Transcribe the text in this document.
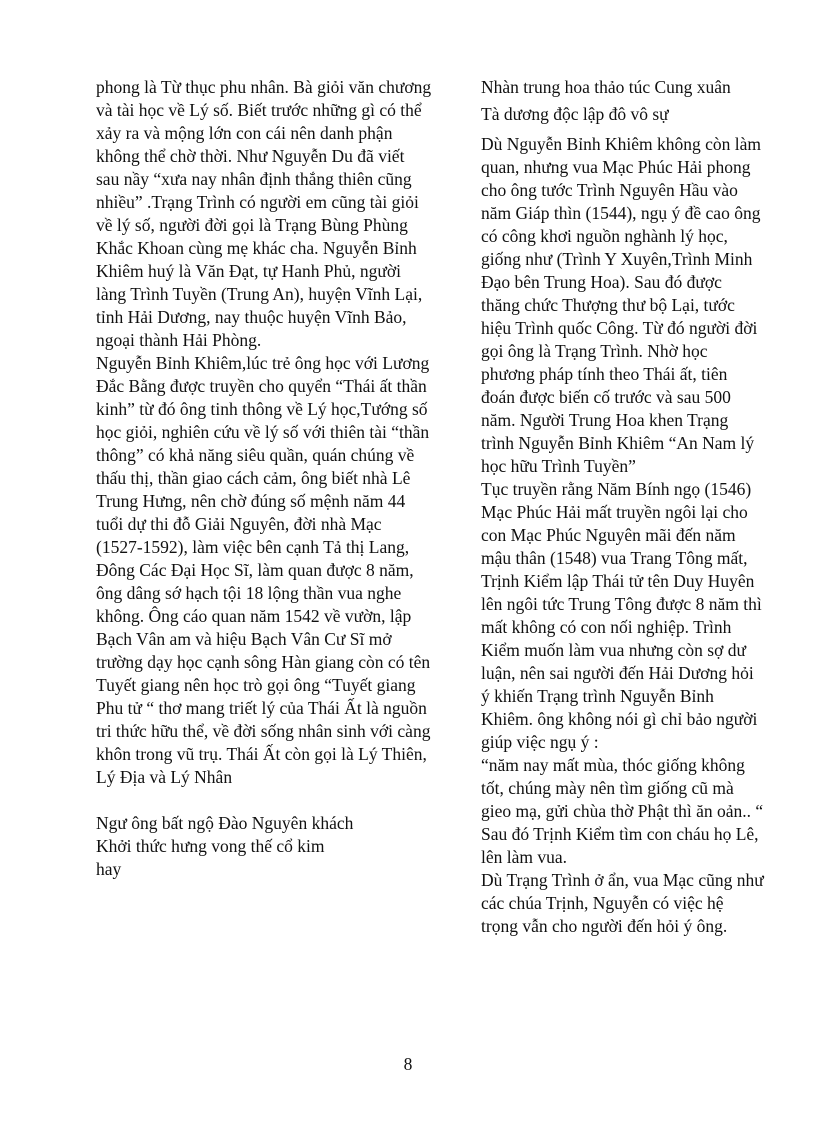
phong là Từ thục phu nhân. Bà giỏi văn chương và tài học về Lý số. Biết trước những gì có thể xảy ra và mộng lớn con cái nên danh phận không thể chờ thời. Như Nguyễn Du đã viết sau nầy “xưa nay nhân định thắng thiên cũng nhiều” .Trạng Trình có người em cũng tài giỏi về lý số, người đời gọi là Trạng Bùng Phùng Khắc Khoan cùng mẹ khác cha. Nguyễn Bỉnh Khiêm huý là Văn Đạt, tự Hanh Phủ, người làng Trình Tuyền (Trung An), huyện Vĩnh Lại, tỉnh Hải Dương, nay thuộc huyện Vĩnh Bảo, ngoại thành Hải Phòng.

Nguyễn Bỉnh Khiêm,lúc trẻ ông học với Lương Đắc Bằng được truyền cho quyển “Thái ất thần kinh” từ đó ông tinh thông về Lý học,Tướng số học giỏi, nghiên cứu về lý số với thiên tài “thần thông” có khả năng siêu quần, quán chúng về thấu thị, thần giao cách cảm, ông biết nhà Lê Trung Hưng, nên chờ đúng số mệnh năm 44 tuổi dự thi đỗ Giải Nguyên, đời nhà Mạc (1527-1592), làm việc bên cạnh Tả thị Lang, Đông Các Đại Học Sĩ, làm quan được 8 năm, ông dâng sớ hạch tội 18 lộng thần vua nghe không. Ông cáo quan năm 1542 về vườn, lập Bạch Vân am và hiệu Bạch Vân Cư Sĩ mở trường dạy học cạnh sông Hàn giang còn có tên Tuyết giang nên học trò gọi ông “Tuyết giang Phu tử “ thơ mang triết lý của Thái Ất là nguồn tri thức hữu thể, về đời sống nhân sinh với càng khôn trong vũ trụ. Thái Ất còn gọi là Lý Thiên, Lý Địa và Lý Nhân

Ngư ông bất ngộ Đào Nguyên khách

Khởi thức hưng vong thế cổ kim

hay

Nhàn trung hoa thảo túc Cung xuân

Tà dương độc lập đô vô sự

Dù Nguyễn Bỉnh Khiêm không còn làm quan, nhưng vua Mạc Phúc Hải phong cho ông tước Trình Nguyên Hầu vào năm Giáp thìn (1544), ngụ ý đề cao ông có công khơi nguồn nghành lý học, giống như (Trình Y Xuyên,Trình Minh Đạo bên Trung Hoa). Sau đó được thăng chức Thượng thư bộ Lại, tước hiệu Trình quốc Công. Từ đó người đời gọi ông là Trạng Trình. Nhờ học phương pháp tính theo Thái ất, tiên đoán được biến cố trước và sau 500 năm. Người Trung Hoa khen Trạng trình Nguyễn Bỉnh Khiêm “An Nam lý học hữu Trình Tuyền”

Tục truyền rằng Năm Bính ngọ (1546) Mạc Phúc Hải mất truyền ngôi lại cho con Mạc Phúc Nguyên mãi đến năm mậu thân (1548) vua Trang Tông mất, Trịnh Kiểm lập Thái tử tên Duy Huyên lên ngôi tức Trung Tông được 8 năm thì mất không có con nối nghiệp. Trình Kiểm muốn làm vua nhưng còn sợ dư luận, nên sai người đến Hải Dương hỏi ý khiến Trạng trình Nguyễn Bỉnh Khiêm. ông không nói gì chỉ bảo người giúp việc ngụ ý :

“năm nay mất mùa, thóc giống không tốt, chúng mày nên tìm giống cũ mà gieo mạ, gửi chùa thờ Phật thì ăn oản.. “ Sau đó Trịnh Kiểm tìm con cháu họ Lê, lên làm vua.

Dù Trạng Trình ở ẩn, vua Mạc cũng như các chúa Trịnh, Nguyễn có việc hệ trọng vẫn cho người đến hỏi ý ông.

8
